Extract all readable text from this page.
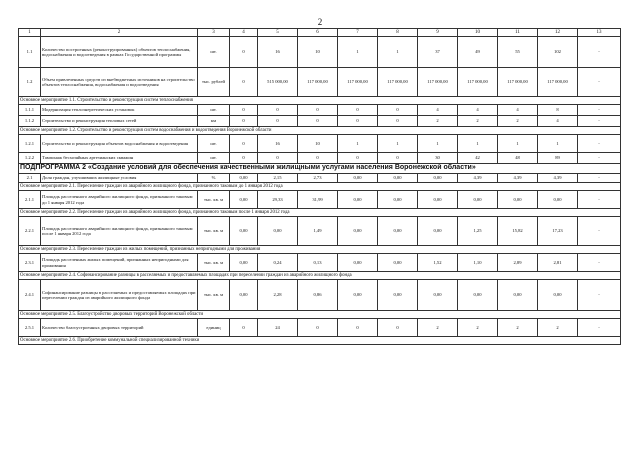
2
1	2	3	4	5	6	7	8	9	10	11	12	13
1.1	Количество построенных (реконструированных) объектов теплоснабжения, водоснабжения и водоотведения в рамках Государственной программы	шт.	0	16	10	1	1	37	49	55	102	-
1.2	Объем привлеченных средств из внебюджетных источников на строительство объектов теплоснабжения, водоснабжения и водоотведения	тыс. рублей	0	515 000,00	117 000,00	117 000,00	117 000,00	117 000,00	117 000,00	117 000,00	117 000,00	-
Основное мероприятие 1.1. Строительство и реконструкция систем теплоснабжения												
1.1.1	Модернизация теплоэнергетических установок	шт.	0	0	0	0	0	4	4	4	8	-
1.1.2	Строительство и реконструкция тепловых сетей	км	0	0	0	0	0	2	2	2	4	-
Основное мероприятие 1.2. Строительство и реконструкция систем водоснабжения и водоотведения Воронежской области												
1.2.1	Строительство и реконструкция объектов водоснабжения и водоотведения	шт.	0	16	10	1	1	1	1	1	1	-
1.2.2	Тампонаж бесхозяйных артезианских скважин	шт.	0	0	0	0	0	30	42	48	89	-
ПОДПРОГРАММА 2 «Создание условий для обеспечения качественными жилищными услугами населения Воронежской области»												
2.1	Доля граждан, улучшивших жилищные условия	%	0,00	2,15	2,73	0,00	0,00	0,00	4,39	4,39	4,39	-
Основное мероприятие 2.1. Переселение граждан из аварийного жилищного фонда, признанного таковым до 1 января 2012 года												
2.1.1	Площадь расселенного аварийного жилищного фонда, признанного таковым до 1 января 2012 года	тыс. кв. м	0,00	29,33	31,99	0,00	0,00	0,00	0,00	0,00	0,00	-
Основное мероприятие 2.2. Переселение граждан из аварийного жилищного фонда, признанного таковым после 1 января 2012 года												
2.2.1	Площадь расселенного аварийного жилищного фонда, признанного таковым после 1 января 2012 года	тыс. кв. м	0,00	0,00	1,49	0,00	0,00	0,00	1,25	15,82	17,23	-
Основное мероприятие 2.3. Переселение граждан из жилых помещений, признанных непригодными для проживания												
2.3.1	Площадь расселенных жилых помещений, признанных непригодными для проживания	тыс. кв. м	0,00	0,24	0,13	0,00	0,00	1,52	1,10	2,89	2,81	-
Основное мероприятие 2.4. Софинансирование разницы в расселяемых и предоставляемых площадях при переселении граждан из аварийного жилищного фонда												
2.4.1	Софинансирование разницы в расселяемых и предоставляемых площадях при переселении граждан из аварийного жилищного фонда	тыс. кв. м	0,00	2,28	0,86	0,00	0,00	0,00	0,00	0,00	0,00	-
Основное мероприятие 2.5. Благоустройство дворовых территорий Воронежской области												
2.5.1	Количество благоустроенных дворовых территорий	единиц	0	24	0	0	0	2	2	2	2	-
Основное мероприятие 2.6. Приобретение коммунальной специализированной техники												
